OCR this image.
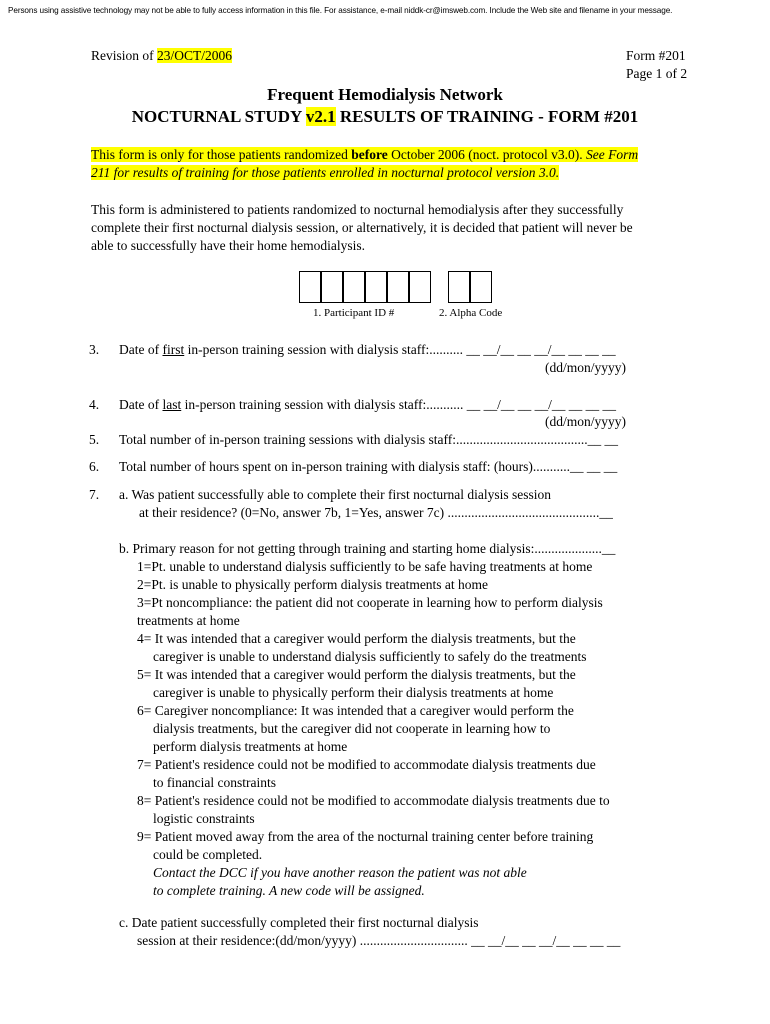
Persons using assistive technology may not be able to fully access information in this file. For assistance, e-mail niddk-cr@imsweb.com. Include the Web site and filename in your message.
Revision of 23/OCT/2006	Form #201
Page 1 of 2
Frequent Hemodialysis Network
NOCTURNAL STUDY v2.1 RESULTS OF TRAINING - FORM #201
This form is only for those patients randomized before October 2006 (noct. protocol v3.0). See Form
211 for results of training for those patients enrolled in nocturnal protocol version 3.0.
This form is administered to patients randomized to nocturnal hemodialysis after they successfully
complete their first nocturnal dialysis session, or alternatively, it is decided that patient will never be
able to successfully have their home hemodialysis.
1. Participant ID #	2. Alpha Code
3. Date of first in-person training session with dialysis staff:.......... __ __/__ __ __/__ __ __ __
(dd/mon/yyyy)
4. Date of last in-person training session with dialysis staff:........... __ __/__ __ __/__ __ __ __
(dd/mon/yyyy)
5. Total number of in-person training sessions with dialysis staff:.......................................__ __
6. Total number of hours spent on in-person training with dialysis staff: (hours)...........__ __ __
7. a. Was patient successfully able to complete their first nocturnal dialysis session
at their residence? (0=No, answer 7b, 1=Yes, answer 7c) .............................................__
b. Primary reason for not getting through training and starting home dialysis:....................__
1=Pt. unable to understand dialysis sufficiently to be safe having treatments at home
2=Pt. is unable to physically perform dialysis treatments at home
3=Pt noncompliance: the patient did not cooperate in learning how to perform dialysis
treatments at home
4= It was intended that a caregiver would perform the dialysis treatments, but the
caregiver is unable to understand dialysis sufficiently to safely do the treatments
5= It was intended that a caregiver would perform the dialysis treatments, but the
caregiver is unable to physically perform their dialysis treatments at home
6= Caregiver noncompliance: It was intended that a caregiver would perform the
dialysis treatments, but the caregiver did not cooperate in learning how to
perform dialysis treatments at home
7= Patient's residence could not be modified to accommodate dialysis treatments due
to financial constraints
8= Patient's residence could not be modified to accommodate dialysis treatments due to
logistic constraints
9= Patient moved away from the area of the nocturnal training center before training
could be completed.
Contact the DCC if you have another reason the patient was not able
to complete training. A new code will be assigned.
c. Date patient successfully completed their first nocturnal dialysis
session at their residence:(dd/mon/yyyy) ................................ __ __/__ __ __/__ __ __ __
